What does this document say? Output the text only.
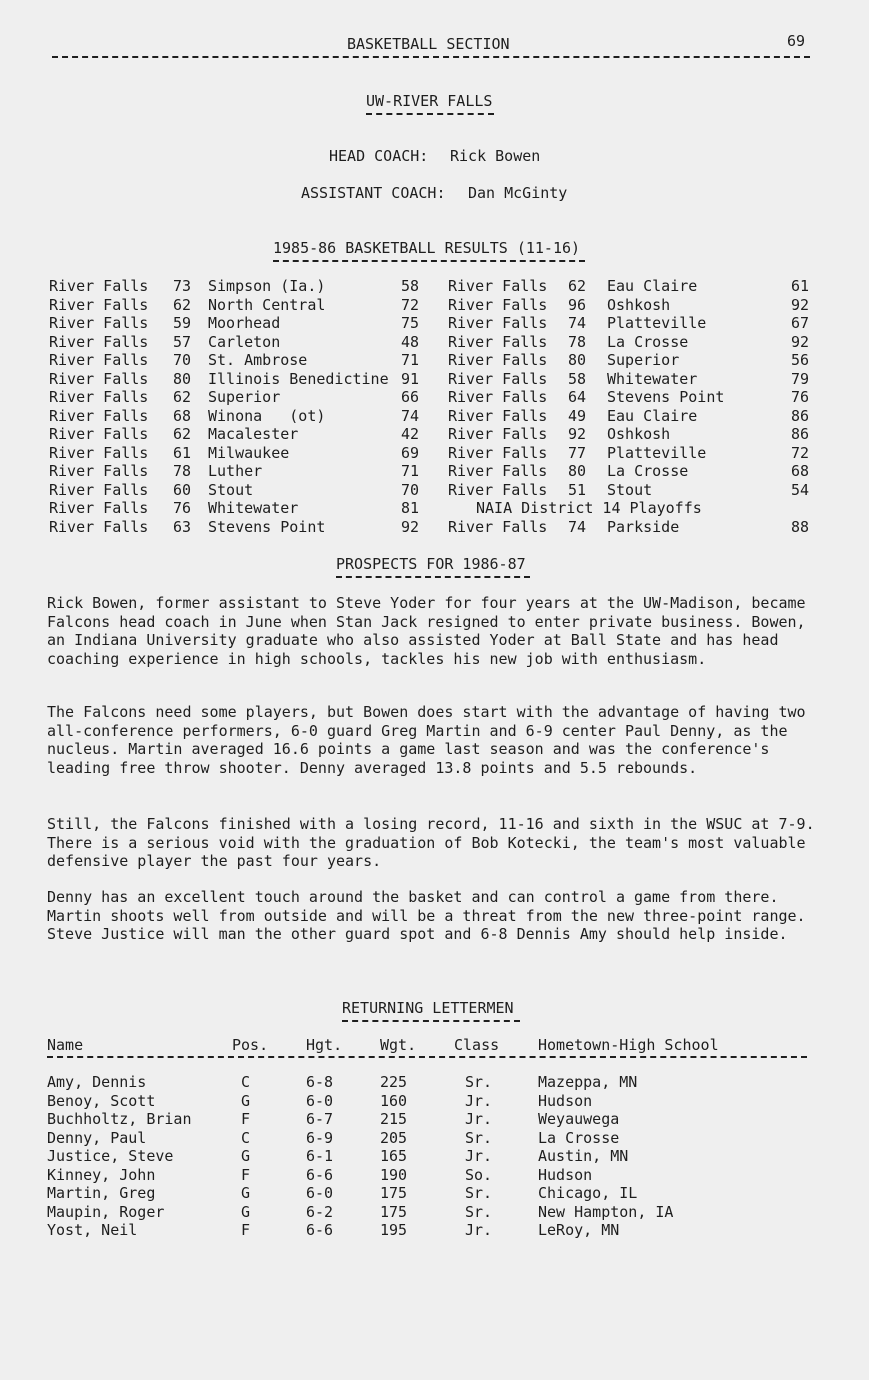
BASKETBALL SECTION	69
UW-RIVER FALLS
HEAD COACH: Rick Bowen
ASSISTANT COACH: Dan McGinty
1985-86 BASKETBALL RESULTS (11-16)
River Falls 73 Simpson (Ia.)	58
River Falls 62 North Central	72
River Falls 59 Moorhead	75
River Falls 57 Carleton	48
River Falls 70 St. Ambrose	71
River Falls 80 Illinois Benedictine 91
River Falls 62 Superior	66
River Falls 68 Winona   (ot)	74
River Falls 62 Macalester	42
River Falls 61 Milwaukee	69
River Falls 78 Luther	71
River Falls 60 Stout	70
River Falls 76 Whitewater	81
River Falls 63 Stevens Point	92
River Falls 62 Eau Claire	61
River Falls 96 Oshkosh	92
River Falls 74 Platteville	67
River Falls 78 La Crosse	92
River Falls 80 Superior	56
River Falls 58 Whitewater	79
River Falls 64 Stevens Point	76
River Falls 49 Eau Claire	86
River Falls 92 Oshkosh	86
River Falls 77 Platteville	72
River Falls 80 La Crosse	68
River Falls 51 Stout	54
NAIA District 14 Playoffs
River Falls 74 Parkside	88
PROSPECTS FOR 1986-87
Rick Bowen, former assistant to Steve Yoder for four years at the UW-Madison, became Falcons head coach in June when Stan Jack resigned to enter private business. Bowen, an Indiana University graduate who also assisted Yoder at Ball State and has head coaching experience in high schools, tackles his new job with enthusiasm.
The Falcons need some players, but Bowen does start with the advantage of having two all-conference performers, 6-0 guard Greg Martin and 6-9 center Paul Denny, as the nucleus. Martin averaged 16.6 points a game last season and was the conference's leading free throw shooter. Denny averaged 13.8 points and 5.5 rebounds.
Still, the Falcons finished with a losing record, 11-16 and sixth in the WSUC at 7-9. There is a serious void with the graduation of Bob Kotecki, the team's most valuable defensive player the past four years.
Denny has an excellent touch around the basket and can control a game from there. Martin shoots well from outside and will be a threat from the new three-point range. Steve Justice will man the other guard spot and 6-8 Dennis Amy should help inside.
RETURNING LETTERMEN
Name	Pos.	Hgt.	Wgt.	Class	Hometown-High School
Amy, Dennis	C	6-8	225	Sr.	Mazeppa, MN
Benoy, Scott	G	6-0	160	Jr.	Hudson
Buchholtz, Brian	F	6-7	215	Jr.	Weyauwega
Denny, Paul	C	6-9	205	Sr.	La Crosse
Justice, Steve	G	6-1	165	Jr.	Austin, MN
Kinney, John	F	6-6	190	So.	Hudson
Martin, Greg	G	6-0	175	Sr.	Chicago, IL
Maupin, Roger	G	6-2	175	Sr.	New Hampton, IA
Yost, Neil	F	6-6	195	Jr.	LeRoy, MN
